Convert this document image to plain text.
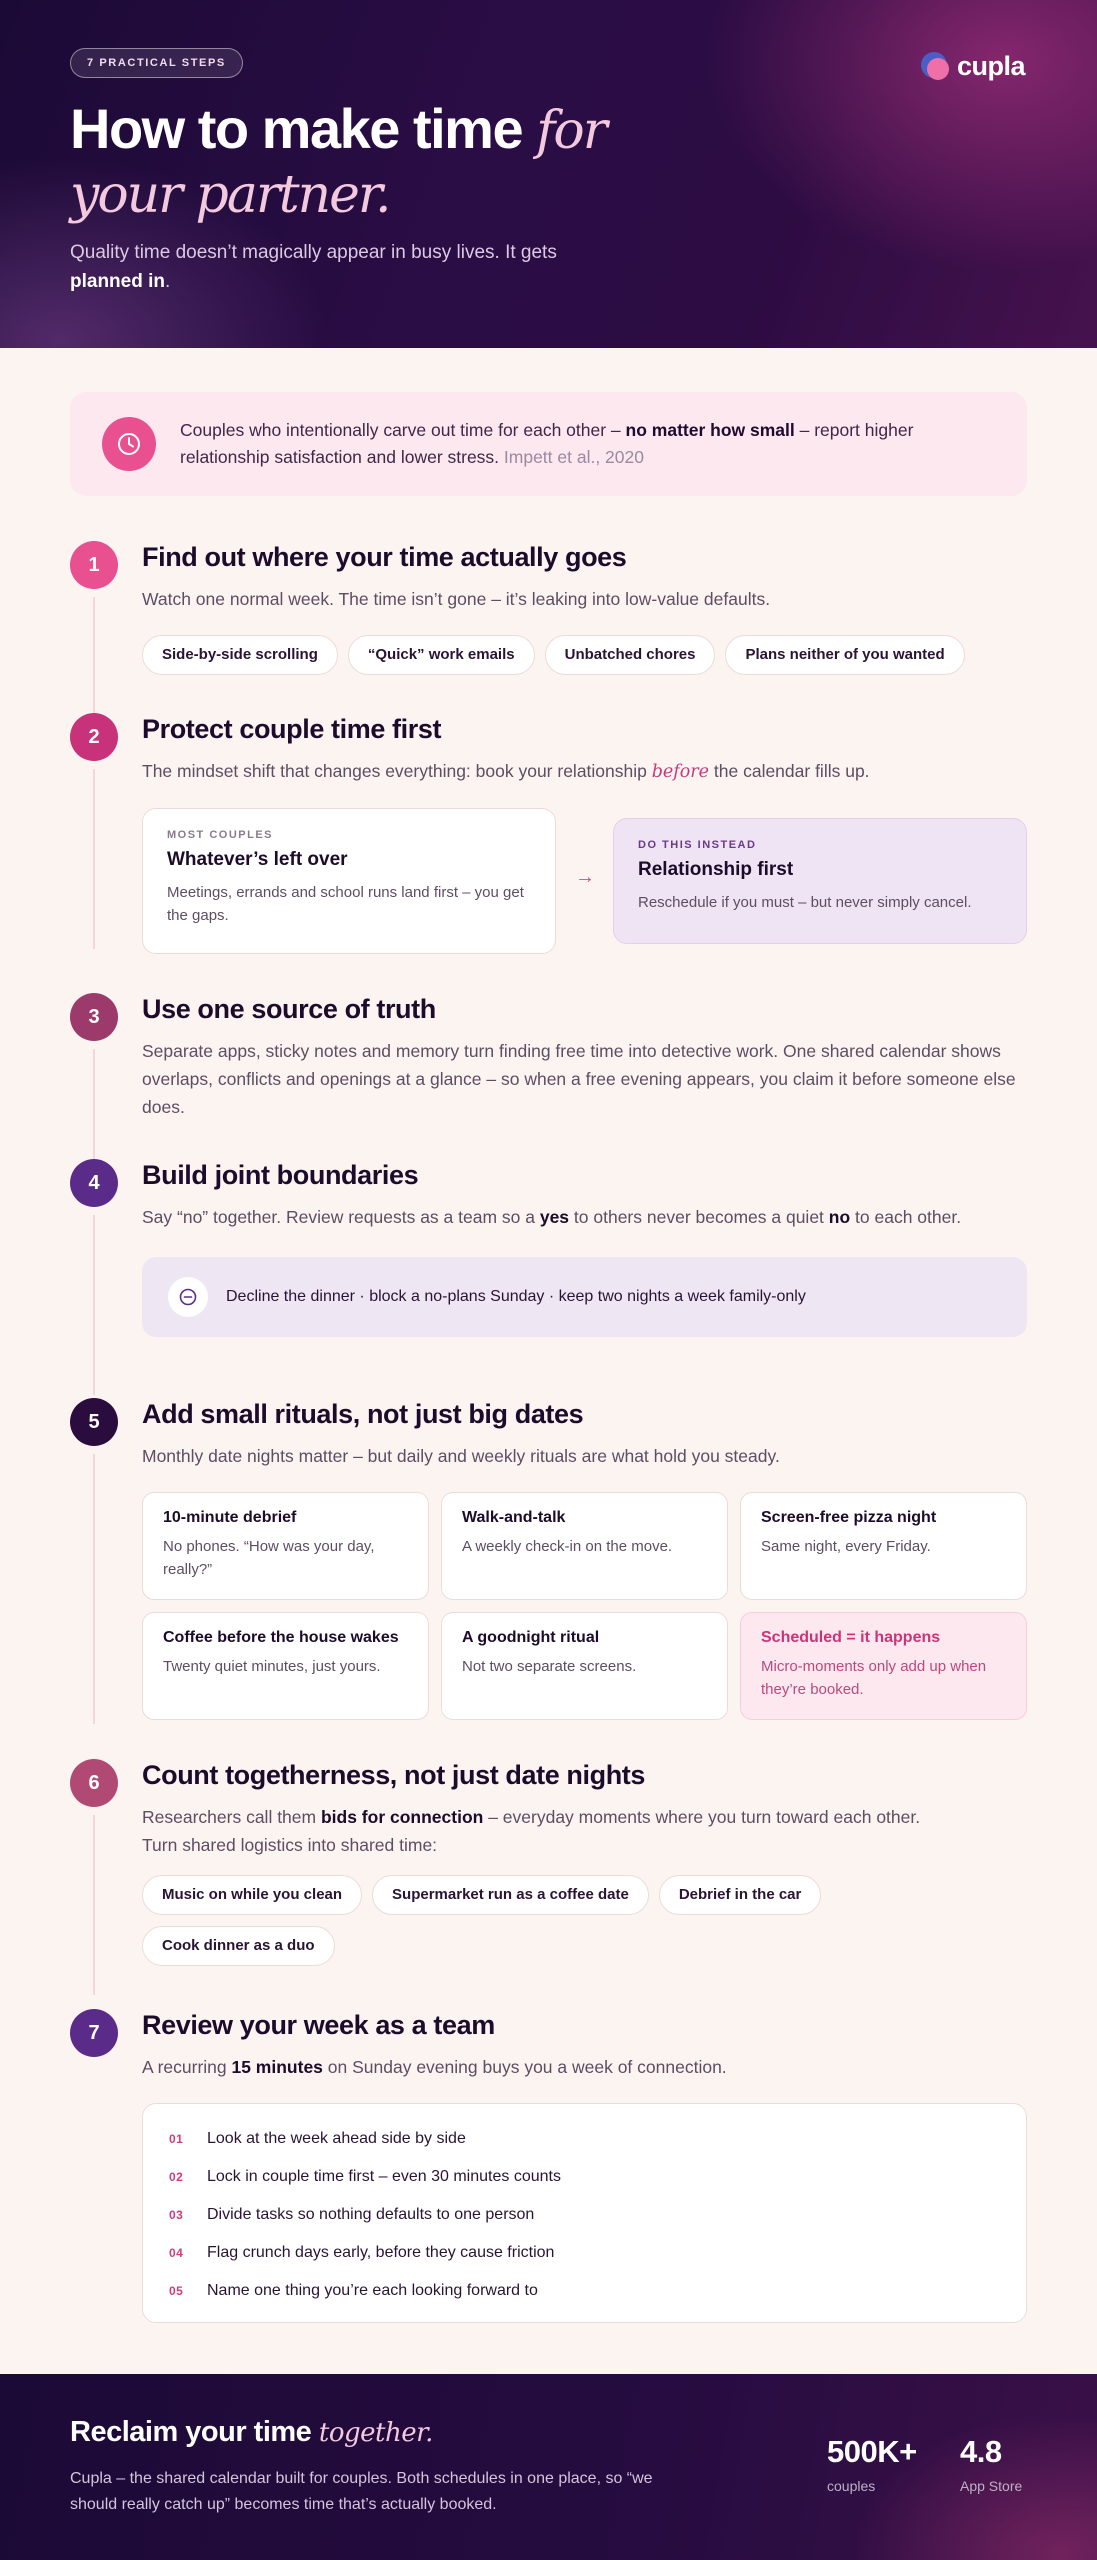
7 PRACTICAL STEPS	cupla
How to make time for your partner.

Quality time doesn’t magically appear in busy lives. It gets planned in.

Couples who intentionally carve out time for each other – no matter how small – report higher relationship satisfaction and lower stress. Impett et al., 2020
1	Find out where your time actually goes

Watch one normal week. The time isn’t gone – it’s leaking into low-value defaults.

Side-by-side scrolling	“Quick” work emails	Unbatched chores	Plans neither of you wanted
2	Protect couple time first

The mindset shift that changes everything: book your relationship before the calendar fills up.

MOST COUPLES
Whatever’s left over
Meetings, errands and school runs land first – you get the gaps.
→
DO THIS INSTEAD
Relationship first
Reschedule if you must – but never simply cancel.
3	Use one source of truth

Separate apps, sticky notes and memory turn finding free time into detective work. One shared calendar shows overlaps, conflicts and openings at a glance – so when a free evening appears, you claim it before someone else does.

4	Build joint boundaries

Say “no” together. Review requests as a team so a yes to others never becomes a quiet no to each other.

Decline the dinner · block a no-plans Sunday · keep two nights a week family-only
5	Add small rituals, not just big dates

Monthly date nights matter – but daily and weekly rituals are what hold you steady.

10-minute debrief
No phones. “How was your day, really?”
Walk-and-talk
A weekly check-in on the move.
Screen-free pizza night
Same night, every Friday.
Coffee before the house wakes
Twenty quiet minutes, just yours.
A goodnight ritual
Not two separate screens.
Scheduled = it happens
Micro-moments only add up when they’re booked.
6	Count togetherness, not just date nights

Researchers call them bids for connection – everyday moments where you turn toward each other. Turn shared logistics into shared time:

Music on while you clean	Supermarket run as a coffee date	Debrief in the car
Cook dinner as a duo
7	Review your week as a team

A recurring 15 minutes on Sunday evening buys you a week of connection.

01	Look at the week ahead side by side
02	Lock in couple time first – even 30 minutes counts
03	Divide tasks so nothing defaults to one person
04	Flag crunch days early, before they cause friction
05	Name one thing you’re each looking forward to
Reclaim your time together.

Cupla – the shared calendar built for couples. Both schedules in one place, so “we should really catch up” becomes time that’s actually booked.

500K+
couples
4.8
App Store
